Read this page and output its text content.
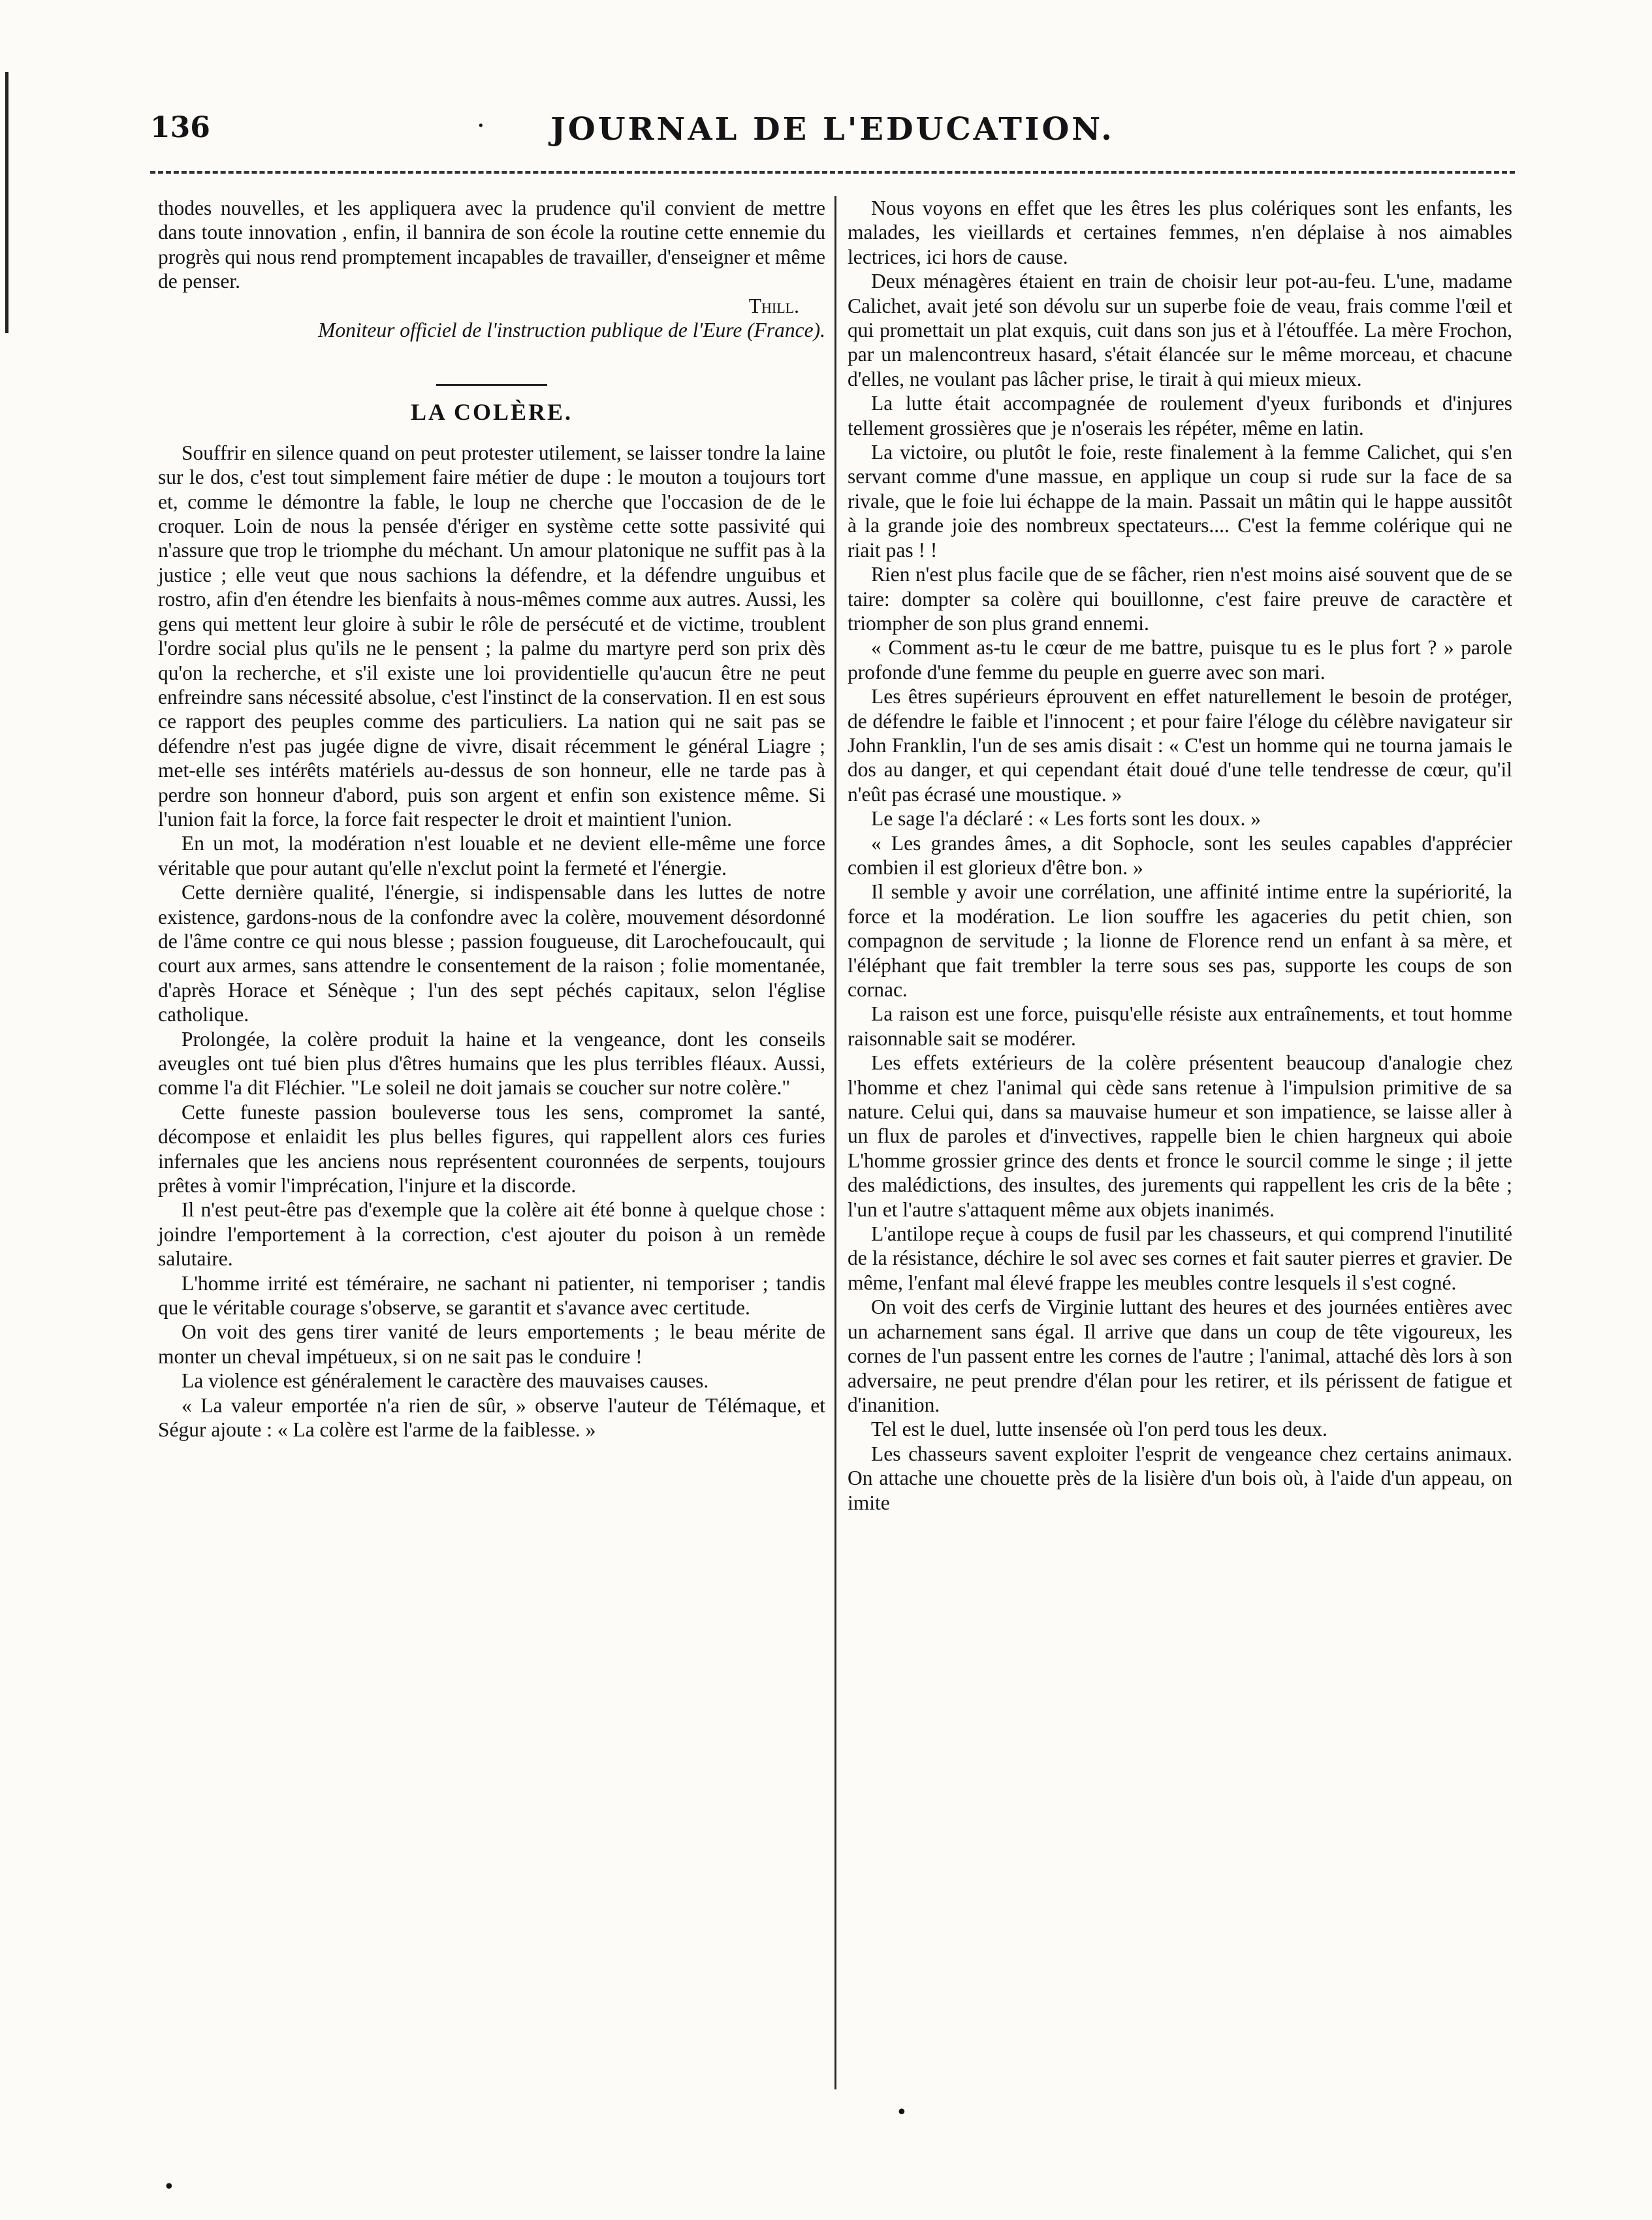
136	·	JOURNAL DE L'EDUCATION.

thodes nouvelles, et les appliquera avec la prudence qu'il convient de mettre dans toute innovation , enfin, il bannira de son école la routine cette ennemie du progrès qui nous rend promptement incapables de travailler, d'enseigner et même de penser.

Thill.

Moniteur officiel de l'instruction publique de l'Eure (France).

LA COLÈRE.

Souffrir en silence quand on peut protester utilement, se laisser tondre la laine sur le dos, c'est tout simplement faire métier de dupe : le mouton a toujours tort et, comme le démontre la fable, le loup ne cherche que l'occasion de de le croquer. Loin de nous la pensée d'ériger en système cette sotte passivité qui n'assure que trop le triomphe du méchant. Un amour platonique ne suffit pas à la justice ; elle veut que nous sachions la défendre, et la défendre unguibus et rostro, afin d'en étendre les bienfaits à nous-mêmes comme aux autres. Aussi, les gens qui mettent leur gloire à subir le rôle de persécuté et de victime, troublent l'ordre social plus qu'ils ne le pensent ; la palme du martyre perd son prix dès qu'on la recherche, et s'il existe une loi providentielle qu'aucun être ne peut enfreindre sans nécessité absolue, c'est l'instinct de la conservation. Il en est sous ce rapport des peuples comme des particuliers. La nation qui ne sait pas se défendre n'est pas jugée digne de vivre, disait récemment le général Liagre ; met-elle ses intérêts matériels au-dessus de son honneur, elle ne tarde pas à perdre son honneur d'abord, puis son argent et enfin son existence même. Si l'union fait la force, la force fait respecter le droit et maintient l'union.

En un mot, la modération n'est louable et ne devient elle-même une force véritable que pour autant qu'elle n'exclut point la fermeté et l'énergie.

Cette dernière qualité, l'énergie, si indispensable dans les luttes de notre existence, gardons-nous de la confondre avec la colère, mouvement désordonné de l'âme contre ce qui nous blesse ; passion fougueuse, dit Larochefoucault, qui court aux armes, sans attendre le consentement de la raison ; folie momentanée, d'après Horace et Sénèque ; l'un des sept péchés capitaux, selon l'église catholique.

Prolongée, la colère produit la haine et la vengeance, dont les conseils aveugles ont tué bien plus d'êtres humains que les plus terribles fléaux. Aussi, comme l'a dit Fléchier. "Le soleil ne doit jamais se coucher sur notre colère."

Cette funeste passion bouleverse tous les sens, compromet la santé, décompose et enlaidit les plus belles figures, qui rappellent alors ces furies infernales que les anciens nous représentent couronnées de serpents, toujours prêtes à vomir l'imprécation, l'injure et la discorde.

Il n'est peut-être pas d'exemple que la colère ait été bonne à quelque chose : joindre l'emportement à la correction, c'est ajouter du poison à un remède salutaire.

L'homme irrité est téméraire, ne sachant ni patienter, ni temporiser ; tandis que le véritable courage s'observe, se garantit et s'avance avec certitude.

On voit des gens tirer vanité de leurs emportements ; le beau mérite de monter un cheval impétueux, si on ne sait pas le conduire !

La violence est généralement le caractère des mauvaises causes.

« La valeur emportée n'a rien de sûr, » observe l'auteur de Télémaque, et Ségur ajoute : « La colère est l'arme de la faiblesse. »

Nous voyons en effet que les êtres les plus colériques sont les enfants, les malades, les vieillards et certaines femmes, n'en déplaise à nos aimables lectrices, ici hors de cause.

Deux ménagères étaient en train de choisir leur pot-au-feu. L'une, madame Calichet, avait jeté son dévolu sur un superbe foie de veau, frais comme l'œil et qui promettait un plat exquis, cuit dans son jus et à l'étouffée. La mère Frochon, par un malencontreux hasard, s'était élancée sur le même morceau, et chacune d'elles, ne voulant pas lâcher prise, le tirait à qui mieux mieux.

La lutte était accompagnée de roulement d'yeux furibonds et d'injures tellement grossières que je n'oserais les répéter, même en latin.

La victoire, ou plutôt le foie, reste finalement à la femme Calichet, qui s'en servant comme d'une massue, en applique un coup si rude sur la face de sa rivale, que le foie lui échappe de la main. Passait un mâtin qui le happe aussitôt à la grande joie des nombreux spectateurs.... C'est la femme colérique qui ne riait pas ! !

Rien n'est plus facile que de se fâcher, rien n'est moins aisé souvent que de se taire: dompter sa colère qui bouillonne, c'est faire preuve de caractère et triompher de son plus grand ennemi.

« Comment as-tu le cœur de me battre, puisque tu es le plus fort ? » parole profonde d'une femme du peuple en guerre avec son mari.

Les êtres supérieurs éprouvent en effet naturellement le besoin de protéger, de défendre le faible et l'innocent ; et pour faire l'éloge du célèbre navigateur sir John Franklin, l'un de ses amis disait : « C'est un homme qui ne tourna jamais le dos au danger, et qui cependant était doué d'une telle tendresse de cœur, qu'il n'eût pas écrasé une moustique. »

Le sage l'a déclaré : « Les forts sont les doux. »

« Les grandes âmes, a dit Sophocle, sont les seules capables d'apprécier combien il est glorieux d'être bon. »

Il semble y avoir une corrélation, une affinité intime entre la supériorité, la force et la modération. Le lion souffre les agaceries du petit chien, son compagnon de servitude ; la lionne de Florence rend un enfant à sa mère, et l'éléphant que fait trembler la terre sous ses pas, supporte les coups de son cornac.

La raison est une force, puisqu'elle résiste aux entraînements, et tout homme raisonnable sait se modérer.

Les effets extérieurs de la colère présentent beaucoup d'analogie chez l'homme et chez l'animal qui cède sans retenue à l'impulsion primitive de sa nature. Celui qui, dans sa mauvaise humeur et son impatience, se laisse aller à un flux de paroles et d'invectives, rappelle bien le chien hargneux qui aboie L'homme grossier grince des dents et fronce le sourcil comme le singe ; il jette des malédictions, des insultes, des jurements qui rappellent les cris de la bête ; l'un et l'autre s'attaquent même aux objets inanimés.

L'antilope reçue à coups de fusil par les chasseurs, et qui comprend l'inutilité de la résistance, déchire le sol avec ses cornes et fait sauter pierres et gravier. De même, l'enfant mal élevé frappe les meubles contre lesquels il s'est cogné.

On voit des cerfs de Virginie luttant des heures et des journées entières avec un acharnement sans égal. Il arrive que dans un coup de tête vigoureux, les cornes de l'un passent entre les cornes de l'autre ; l'animal, attaché dès lors à son adversaire, ne peut prendre d'élan pour les retirer, et ils périssent de fatigue et d'inanition.

Tel est le duel, lutte insensée où l'on perd tous les deux.

Les chasseurs savent exploiter l'esprit de vengeance chez certains animaux. On attache une chouette près de la lisière d'un bois où, à l'aide d'un appeau, on imite

•
•
